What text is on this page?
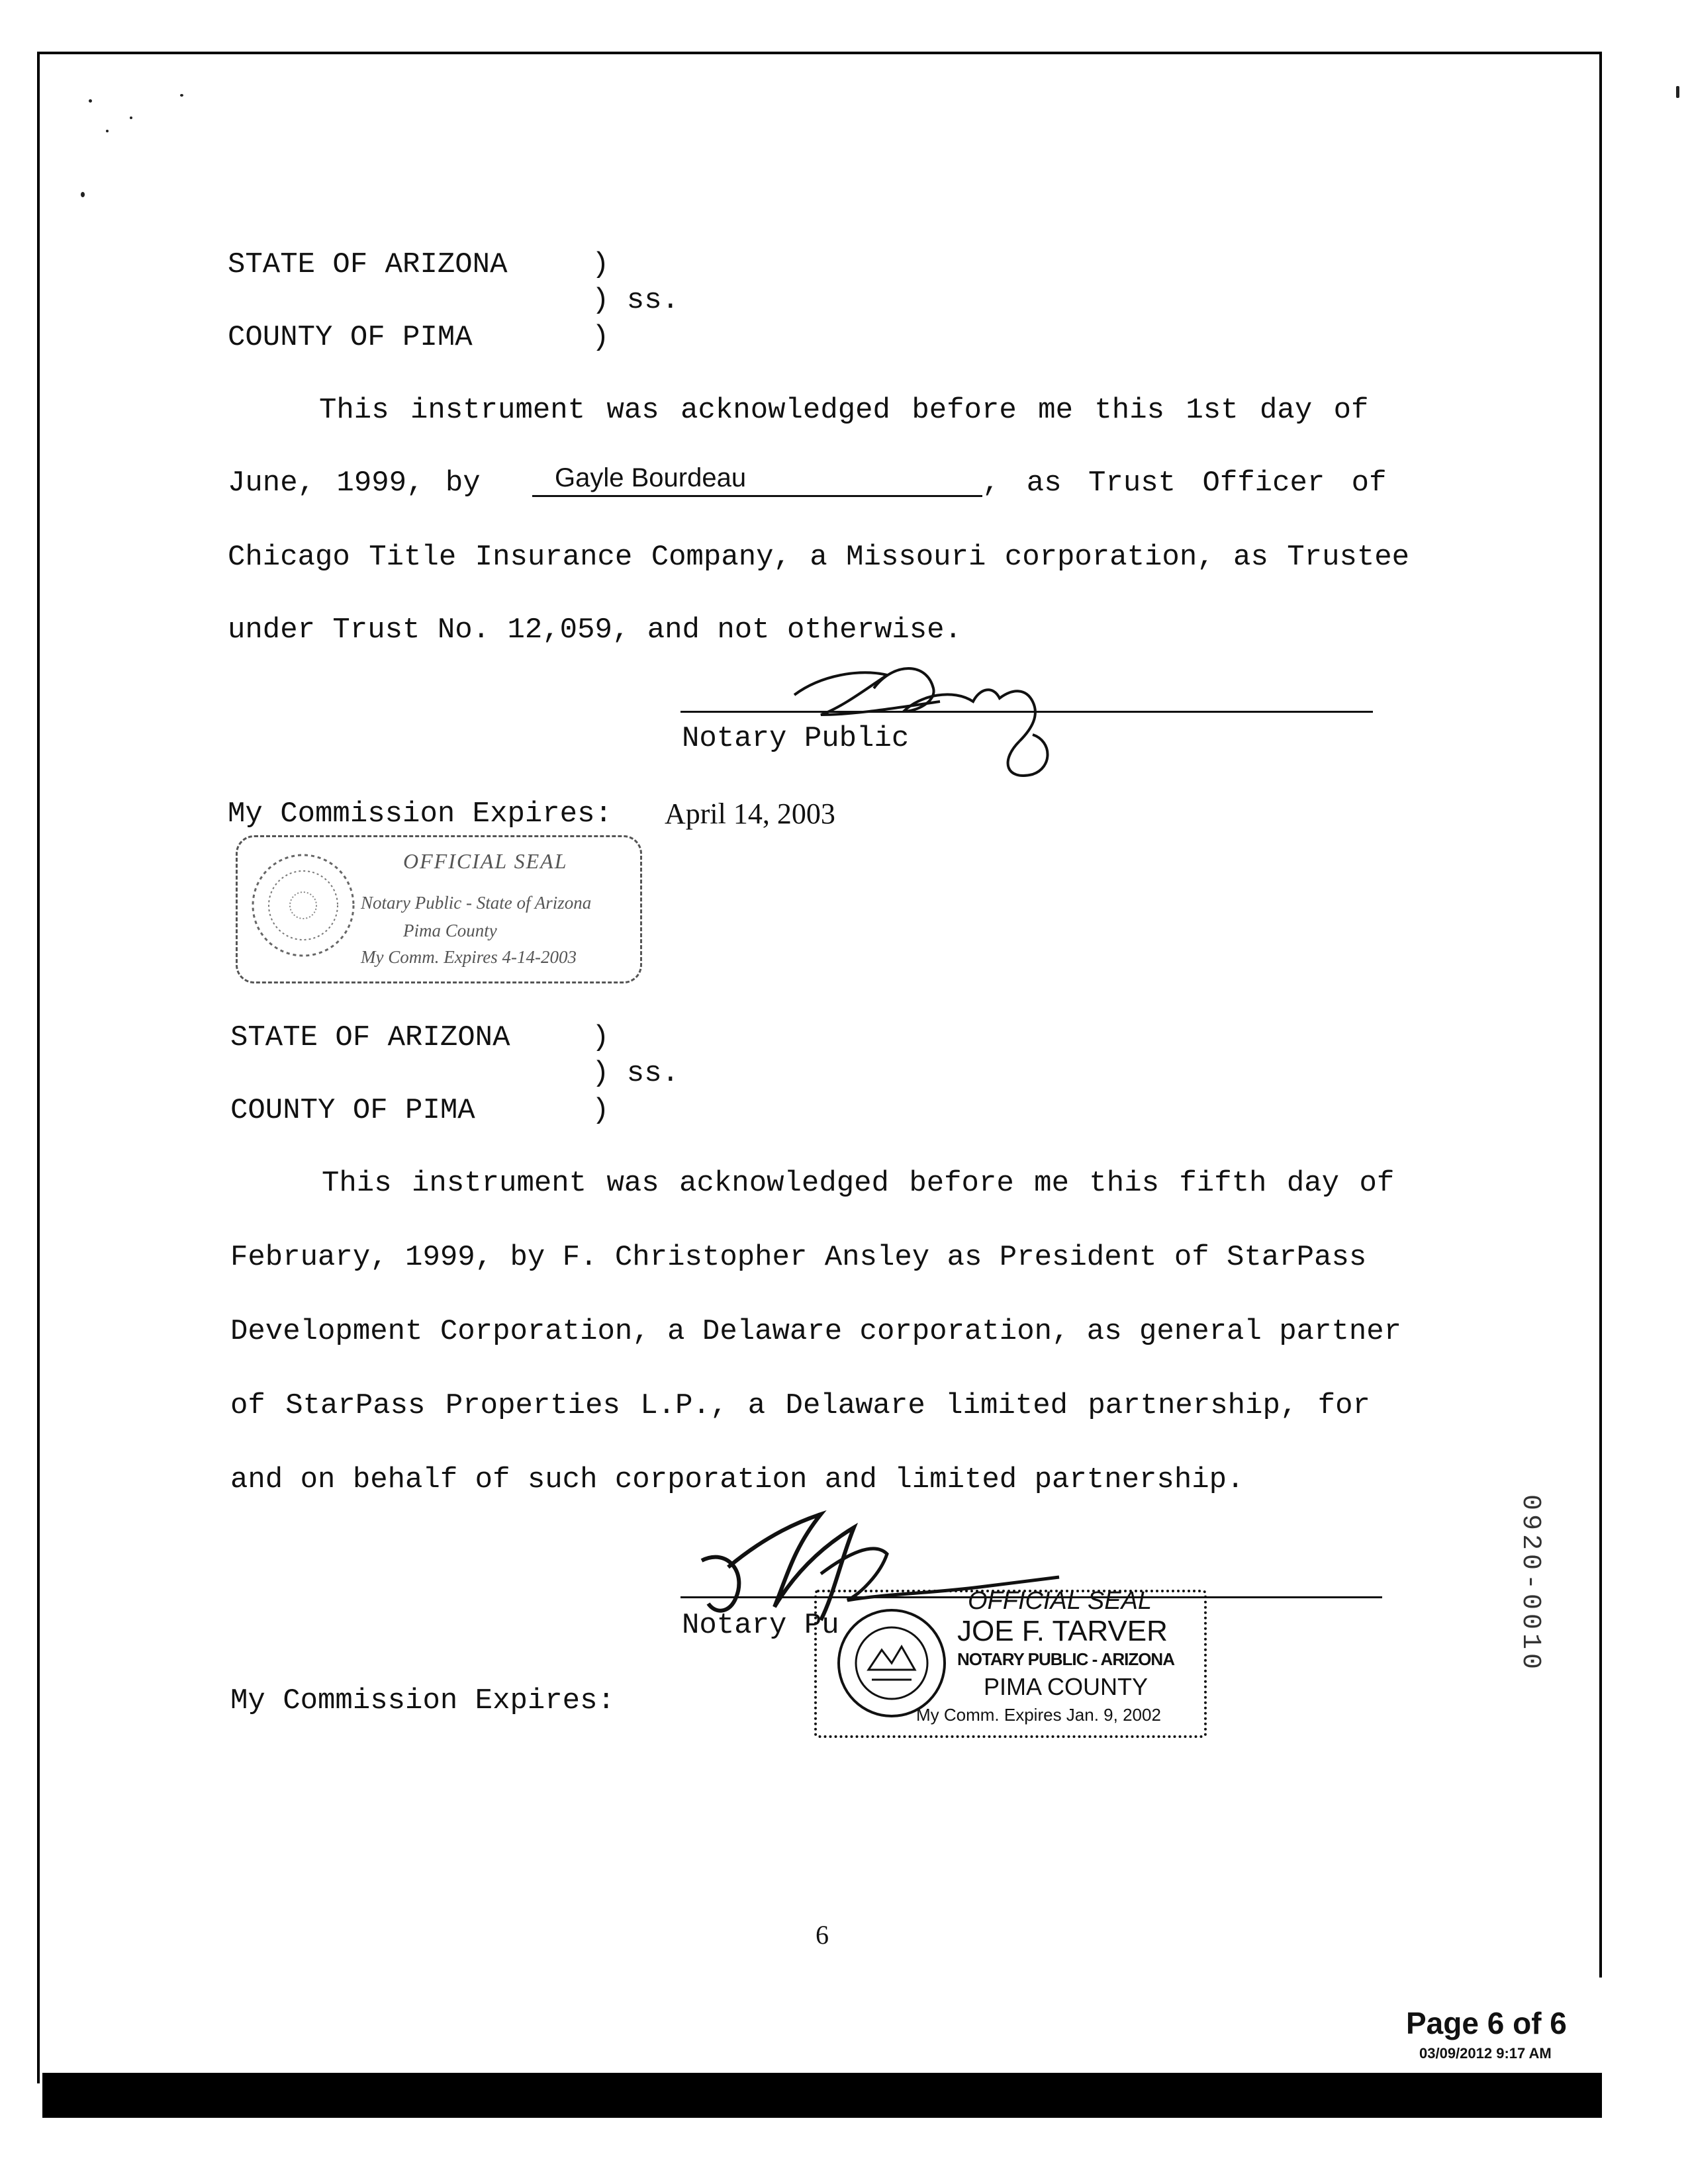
STATE OF ARIZONA	)
) ss.
COUNTY OF PIMA	)
This instrument was acknowledged before me this 1st day of
June, 1999, by	Gayle Bourdeau	, as Trust Officer of
Chicago Title Insurance Company, a Missouri corporation, as Trustee
under Trust No. 12,059, and not otherwise.
Notary Public
My Commission Expires: April 14, 2003
OFFICIAL SEAL
Notary Public - State of Arizona
Pima County
My Comm. Expires 4-14-2003
STATE OF ARIZONA	)
) ss.
COUNTY OF PIMA	)
This instrument was acknowledged before me this fifth day of
February, 1999, by F. Christopher Ansley as President of StarPass
Development Corporation, a Delaware corporation, as general partner
of StarPass Properties L.P., a Delaware limited partnership, for
and on behalf of such corporation and limited partnership.
Notary Pu
My Commission Expires:
OFFICIAL SEAL
JOE F. TARVER
NOTARY PUBLIC - ARIZONA
PIMA COUNTY
My Comm. Expires Jan. 9, 2002
0920-0010
6
Page 6 of 6
03/09/2012 9:17 AM
